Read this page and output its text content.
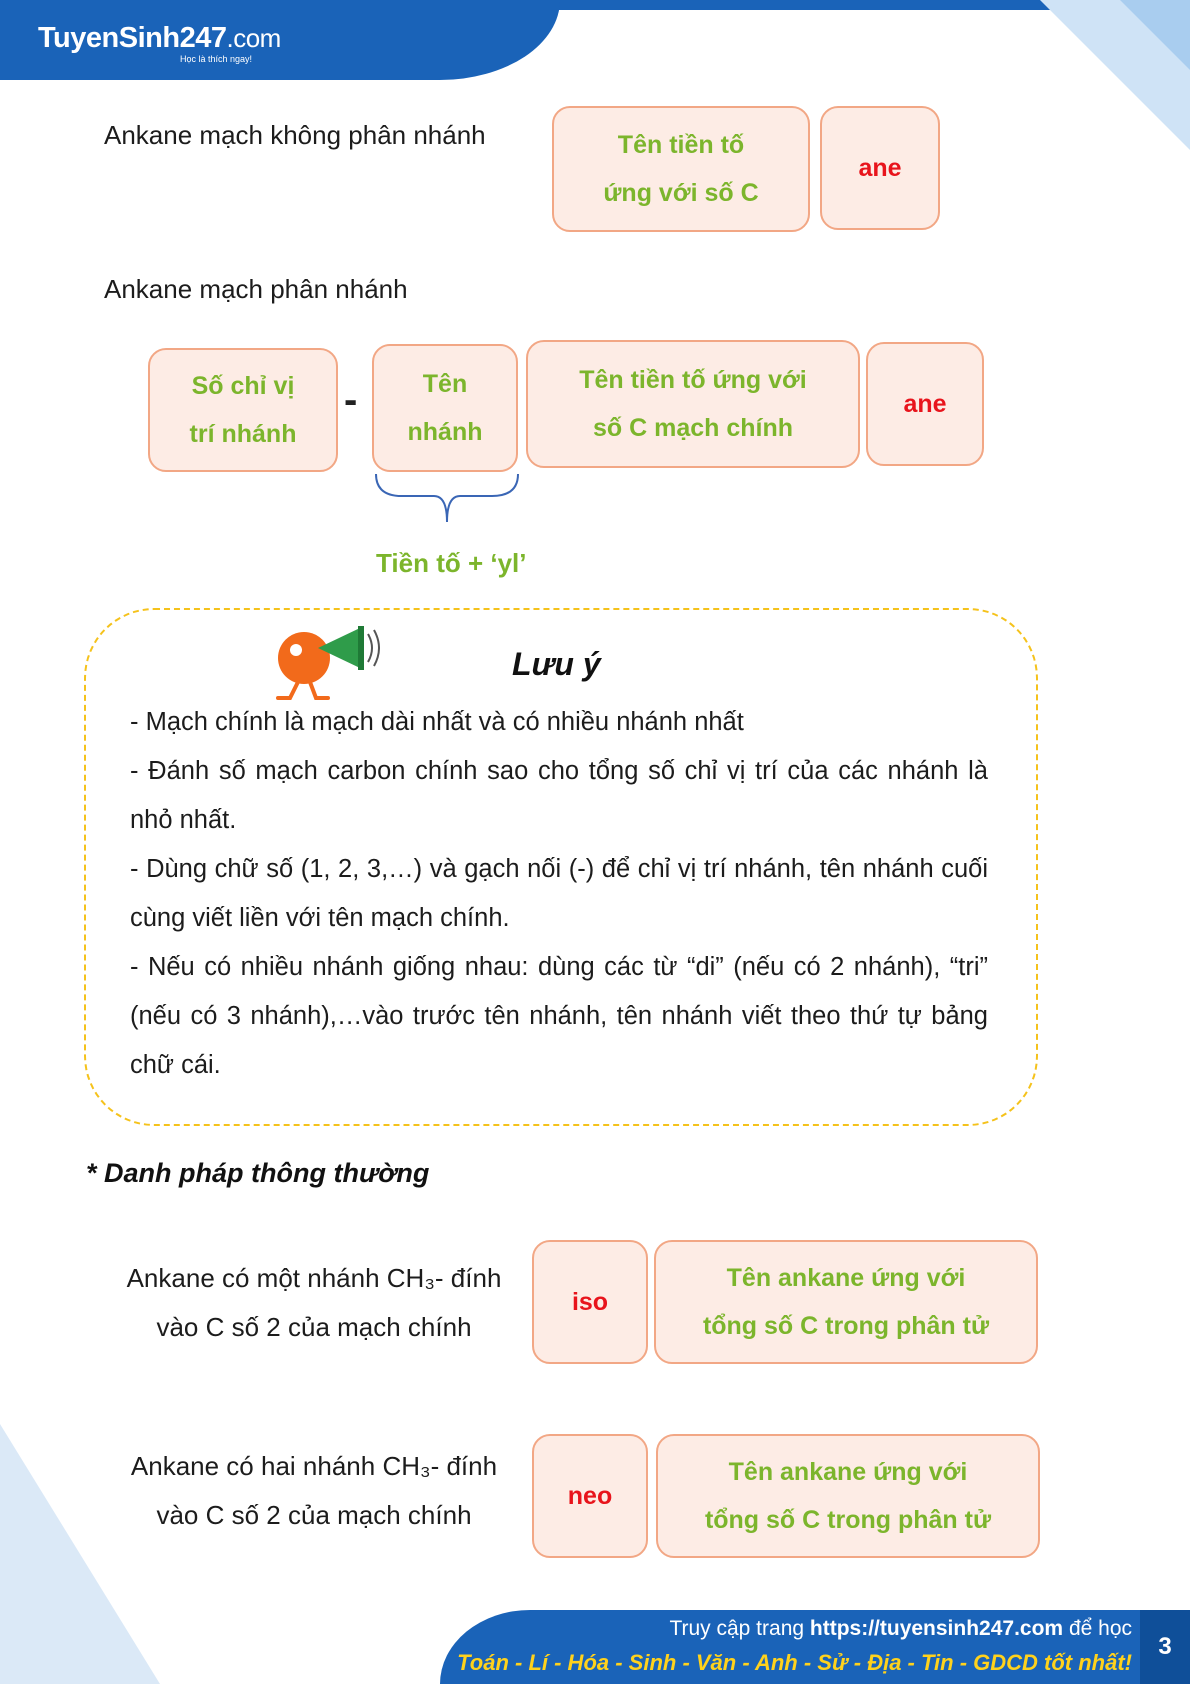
TuyenSinh247.com
Học là thích ngay!
Ankane mạch không phân nhánh	Tên tiền tố
ứng với số C
ane
Ankane mạch phân nhánh
Số chỉ vị
trí nhánh
-	Tên
nhánh
Tên tiền tố ứng với
số C mạch chính
ane
Tiền tố + ‘yl’
Lưu ý

- Mạch chính là mạch dài nhất và có nhiều nhánh nhất

- Đánh số mạch carbon chính sao cho tổng số chỉ vị trí của các nhánh là nhỏ nhất.

- Dùng chữ số (1, 2, 3,…) và gạch nối (-) để chỉ vị trí nhánh, tên nhánh cuối cùng viết liền với tên mạch chính.

- Nếu có nhiều nhánh giống nhau: dùng các từ “di” (nếu có 2 nhánh), “tri” (nếu có 3 nhánh),…vào trước tên nhánh, tên nhánh viết theo thứ tự bảng chữ cái.

* Danh pháp thông thường
Ankane có một nhánh CH₃- đính
vào C số 2 của mạch chính
iso
Tên ankane ứng với
tổng số C trong phân tử
Ankane có hai nhánh CH₃- đính
vào C số 2 của mạch chính
neo
Tên ankane ứng với
tổng số C trong phân tử
Truy cập trang https://tuyensinh247.com để học
Toán - Lí - Hóa - Sinh - Văn - Anh - Sử - Địa - Tin - GDCD tốt nhất!
3
